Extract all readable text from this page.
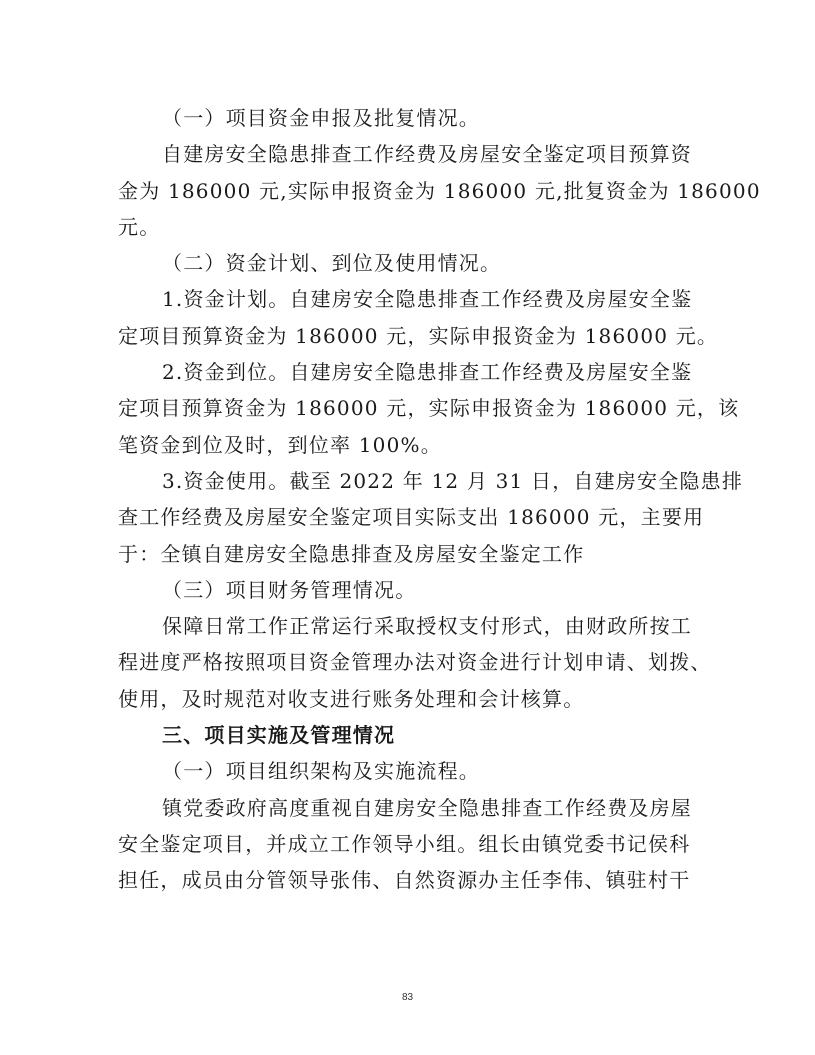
（一）项目资金申报及批复情况。

自建房安全隐患排查工作经费及房屋安全鉴定项目预算资

金为 186000 元,实际申报资金为 186000 元,批复资金为 186000

元。

（二）资金计划、到位及使用情况。

1.资金计划。自建房安全隐患排查工作经费及房屋安全鉴

定项目预算资金为 186000 元，实际申报资金为 186000 元。

2.资金到位。自建房安全隐患排查工作经费及房屋安全鉴

定项目预算资金为 186000 元，实际申报资金为 186000 元，该

笔资金到位及时，到位率 100%。

3.资金使用。截至 2022 年 12 月 31 日，自建房安全隐患排

查工作经费及房屋安全鉴定项目实际支出 186000 元，主要用

于：全镇自建房安全隐患排查及房屋安全鉴定工作

（三）项目财务管理情况。

保障日常工作正常运行采取授权支付形式，由财政所按工

程进度严格按照项目资金管理办法对资金进行计划申请、划拨、

使用，及时规范对收支进行账务处理和会计核算。

三、项目实施及管理情况

（一）项目组织架构及实施流程。

镇党委政府高度重视自建房安全隐患排查工作经费及房屋

安全鉴定项目，并成立工作领导小组。组长由镇党委书记侯科

担任，成员由分管领导张伟、自然资源办主任李伟、镇驻村干

83
